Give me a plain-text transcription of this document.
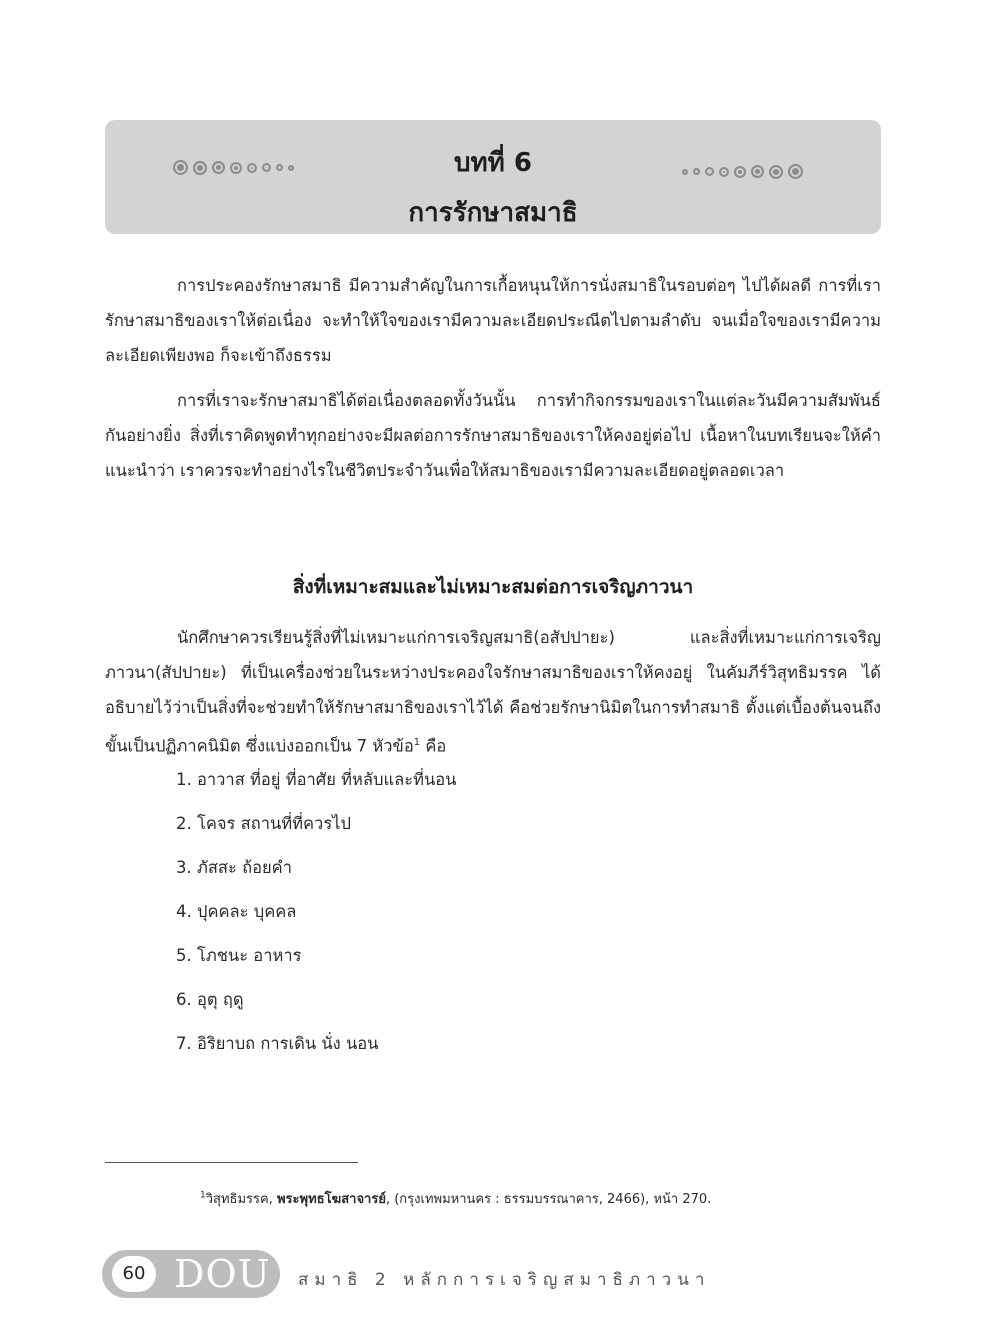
บทที่ 6
การรักษาสมาธิ

การประคองรักษาสมาธิ มีความสำคัญในการเกื้อหนุนให้การนั่งสมาธิในรอบต่อๆ ไปได้ผลดี การที่เรารักษาสมาธิของเราให้ต่อเนื่อง จะทำให้ใจของเรามีความละเอียดประณีตไปตามลำดับ จนเมื่อใจของเรามีความละเอียดเพียงพอ ก็จะเข้าถึงธรรม

การที่เราจะรักษาสมาธิได้ต่อเนื่องตลอดทั้งวันนั้น การทำกิจกรรมของเราในแต่ละวันมีความสัมพันธ์กันอย่างยิ่ง สิ่งที่เราคิดพูดทำทุกอย่างจะมีผลต่อการรักษาสมาธิของเราให้คงอยู่ต่อไป เนื้อหาในบทเรียนจะให้คำแนะนำว่า เราควรจะทำอย่างไรในชีวิตประจำวันเพื่อให้สมาธิของเรามีความละเอียดอยู่ตลอดเวลา

สิ่งที่เหมาะสมและไม่เหมาะสมต่อการเจริญภาวนา

นักศึกษาควรเรียนรู้สิ่งที่ไม่เหมาะแก่การเจริญสมาธิ(อสัปปายะ) และสิ่งที่เหมาะแก่การเจริญภาวนา(สัปปายะ) ที่เป็นเครื่องช่วยในระหว่างประคองใจรักษาสมาธิของเราให้คงอยู่ ในคัมภีร์วิสุทธิมรรค ได้อธิบายไว้ว่าเป็นสิ่งที่จะช่วยทำให้รักษาสมาธิของเราไว้ได้ คือช่วยรักษานิมิตในการทำสมาธิ ตั้งแต่เบื้องต้นจนถึงขั้นเป็นปฏิภาคนิมิต ซึ่งแบ่งออกเป็น 7 หัวข้อ$^1$ คือ

1. อาวาส ที่อยู่ ที่อาศัย ที่หลับและที่นอน
2. โคจร สถานที่ที่ควรไป
3. ภัสสะ ถ้อยคำ
4. ปุคคละ บุคคล
5. โภชนะ อาหาร
6. อุตุ ฤดู
7. อิริยาบถ การเดิน นั่ง นอน
$^1$วิสุทธิมรรค, พระพุทธโฆสาจารย์, (กรุงเทพมหานคร : ธรรมบรรณาคาร, 2466), หน้า 270.
60 DOU สมาธิ 2 หลักการเจริญสมาธิภาวนา
